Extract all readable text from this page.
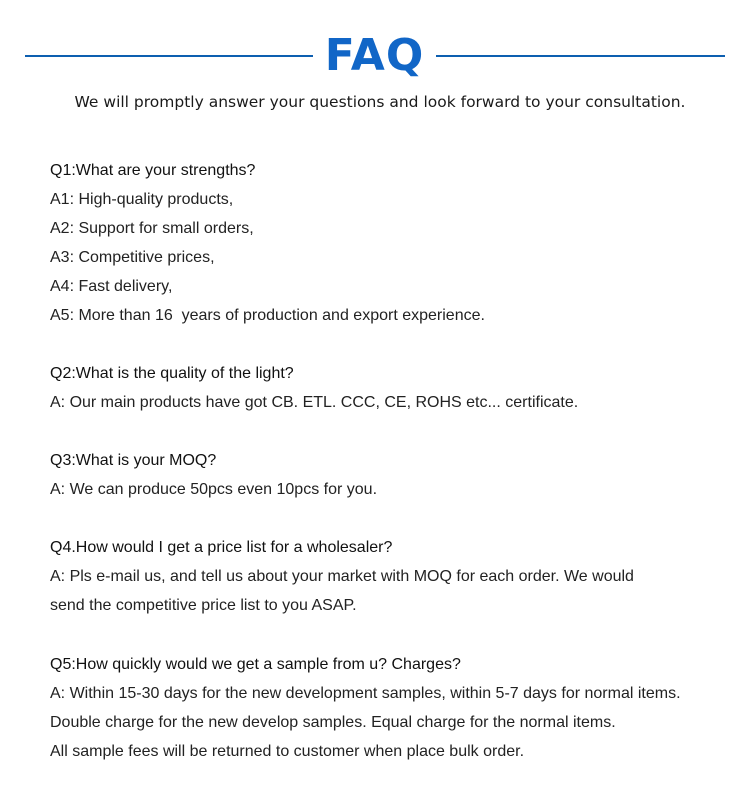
FAQ
We will promptly answer your questions and look forward to your consultation.
Q1:What are your strengths?
A1: High-quality products,
A2: Support for small orders,
A3: Competitive prices,
A4: Fast delivery,
A5: More than 16  years of production and export experience.
Q2:What is the quality of the light?
A: Our main products have got CB. ETL. CCC, CE, ROHS etc... certificate.
Q3:What is your MOQ?
A: We can produce 50pcs even 10pcs for you.
Q4.How would I get a price list for a wholesaler?
A: Pls e-mail us, and tell us about your market with MOQ for each order. We would
send the competitive price list to you ASAP.
Q5:How quickly would we get a sample from u? Charges?
A: Within 15-30 days for the new development samples, within 5-7 days for normal items.
Double charge for the new develop samples. Equal charge for the normal items.
All sample fees will be returned to customer when place bulk order.
